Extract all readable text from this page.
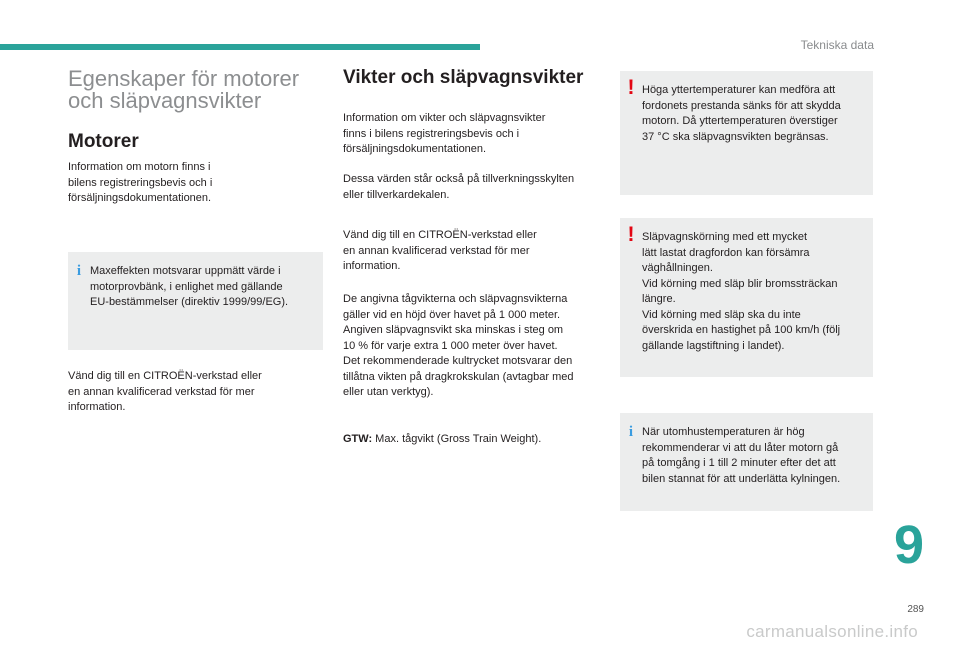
Tekniska data
Egenskaper för motorer
och släpvagnsvikter
Motorer

Information om motorn finns i
bilens registreringsbevis och i
försäljningsdokumentationen.

i Maxeffekten motsvarar uppmätt värde i
motorprovbänk, i enlighet med gällande
EU-bestämmelser (direktiv 1999/99/EG).

Vänd dig till en CITROËN-verkstad eller
en annan kvalificerad verkstad för mer
information.

Vikter och släpvagnsvikter

Information om vikter och släpvagnsvikter
finns i bilens registreringsbevis och i
försäljningsdokumentationen.

Dessa värden står också på tillverkningsskylten
eller tillverkardekalen.

Vänd dig till en CITROËN-verkstad eller
en annan kvalificerad verkstad för mer
information.

De angivna tågvikterna och släpvagnsvikterna
gäller vid en höjd över havet på 1 000 meter.
Angiven släpvagnsvikt ska minskas i steg om
10 % för varje extra 1 000 meter över havet.
Det rekommenderade kultrycket motsvarar den
tillåtna vikten på dragkrokskulan (avtagbar med
eller utan verktyg).

GTW: Max. tågvikt (Gross Train Weight).

! Höga yttertemperaturer kan medföra att
fordonets prestanda sänks för att skydda
motorn. Då yttertemperaturen överstiger
37 °C ska släpvagnsvikten begränsas.
! Släpvagnskörning med ett mycket
lätt lastat dragfordon kan försämra
väghållningen.
Vid körning med släp blir bromssträckan
längre.
Vid körning med släp ska du inte
överskrida en hastighet på 100 km/h (följ
gällande lagstiftning i landet).
i När utomhustemperaturen är hög
rekommenderar vi att du låter motorn gå
på tomgång i 1 till 2 minuter efter det att
bilen stannat för att underlätta kylningen.
9
289
carmanualsonline.info
